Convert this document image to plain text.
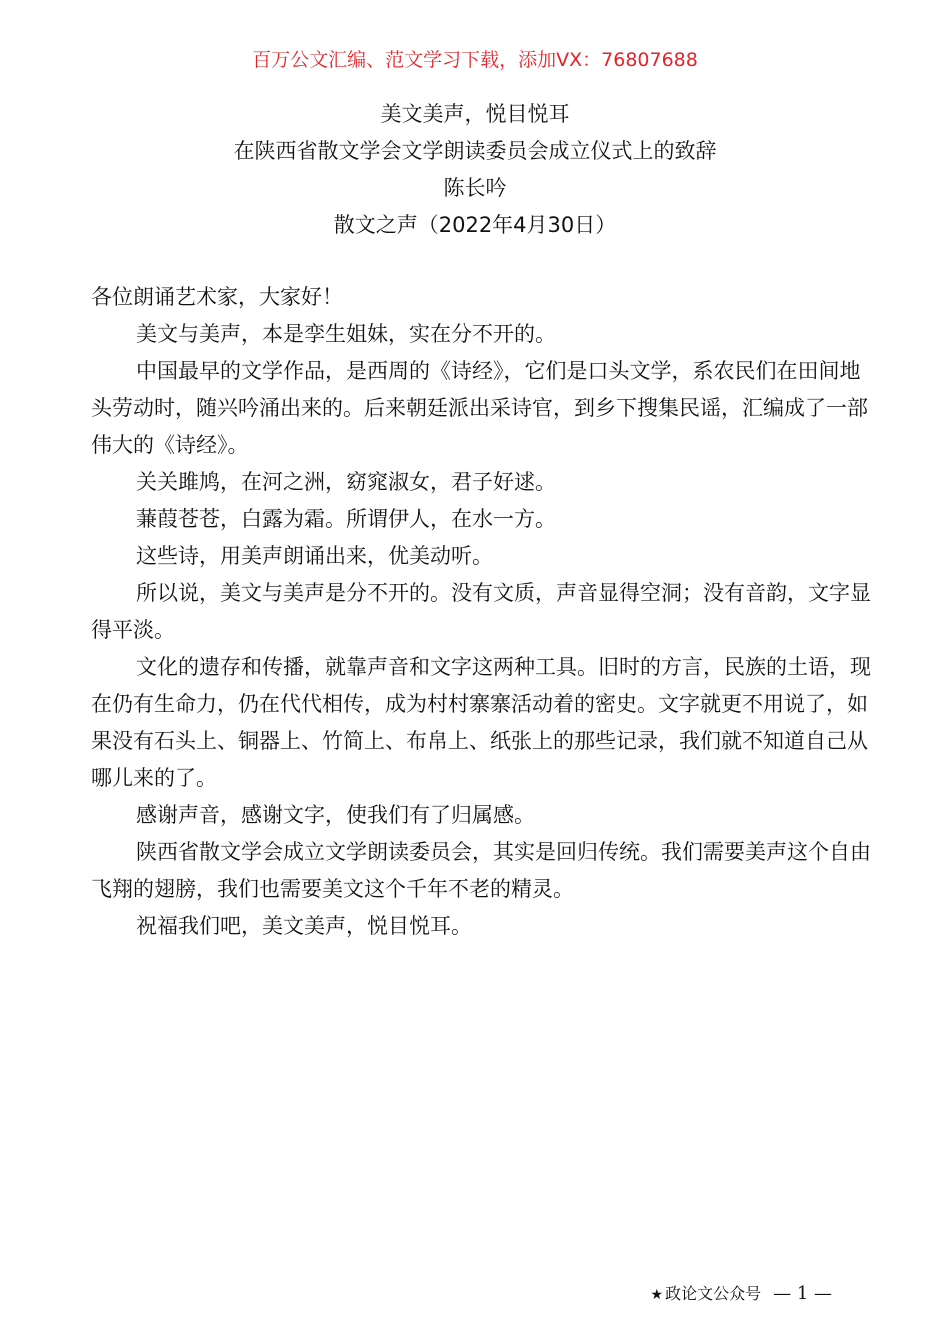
百万公文汇编、范文学习下载，添加VX：76807688
美文美声，悦目悦耳
在陕西省散文学会文学朗读委员会成立仪式上的致辞
陈长吟
散文之声（2022年4月30日）

各位朗诵艺术家，大家好！

美文与美声，本是孪生姐妹，实在分不开的。

中国最早的文学作品，是西周的《诗经》，它们是口头文学，系农民们在田间地头劳动时，随兴吟涌出来的。后来朝廷派出采诗官，到乡下搜集民谣，汇编成了一部伟大的《诗经》。

关关雎鸠，在河之洲，窈窕淑女，君子好逑。

蒹葭苍苍，白露为霜。所谓伊人，在水一方。

这些诗，用美声朗诵出来，优美动听。

所以说，美文与美声是分不开的。没有文质，声音显得空洞；没有音韵，文字显得平淡。

文化的遗存和传播，就靠声音和文字这两种工具。旧时的方言，民族的土语，现在仍有生命力，仍在代代相传，成为村村寨寨活动着的密史。文字就更不用说了，如果没有石头上、铜器上、竹简上、布帛上、纸张上的那些记录，我们就不知道自己从哪儿来的了。

感谢声音，感谢文字，使我们有了归属感。

陕西省散文学会成立文学朗读委员会，其实是回归传统。我们需要美声这个自由飞翔的翅膀，我们也需要美文这个千年不老的精灵。

祝福我们吧，美文美声，悦目悦耳。

★ 政论文公众号 — 1 —
